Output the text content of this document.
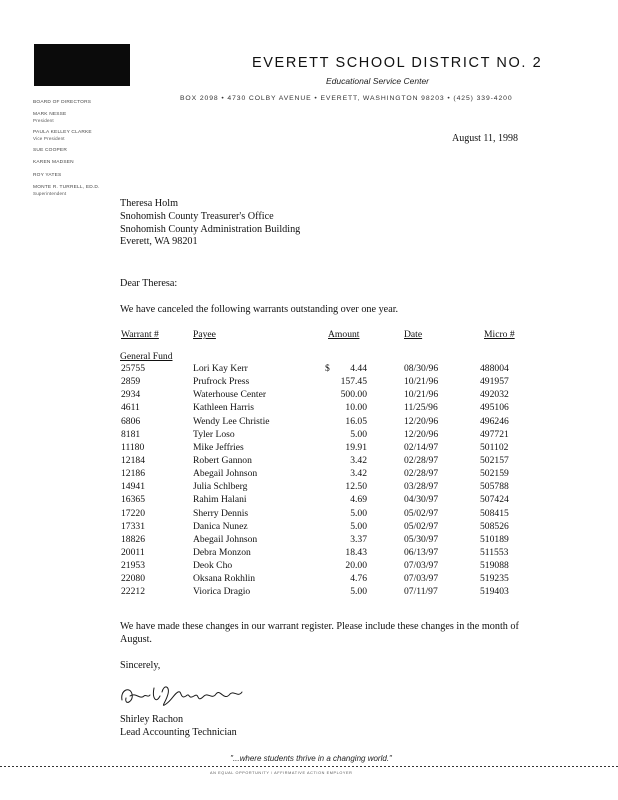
EVERETT SCHOOL DISTRICT NO. 2
Educational Service Center
BOX 2098 • 4730 COLBY AVENUE • EVERETT, WASHINGTON 98203 • (425) 339-4200
BOARD OF DIRECTORS
MARK NESSE
President
PAULA KELLEY CLARKE
Vice President
SUE COOPER
KAREN MADSEN
ROY YATES
MONTE R. TURRELL, ED.D.
Superintendent
August 11, 1998
Theresa Holm
Snohomish County Treasurer's Office
Snohomish County Administration Building
Everett, WA 98201
Dear Theresa:
We have canceled the following warrants outstanding over one year.
Warrant #	Payee	Amount	Date	Micro #
General Fund
$
25755	Lori Kay Kerr	4.44	08/30/96	488004
2859	Prufrock Press	157.45	10/21/96	491957
2934	Waterhouse Center	500.00	10/21/96	492032
4611	Kathleen Harris	10.00	11/25/96	495106
6806	Wendy Lee Christie	16.05	12/20/96	496246
8181	Tyler Loso	5.00	12/20/96	497721
11180	Mike Jeffries	19.91	02/14/97	501102
12184	Robert Gannon	3.42	02/28/97	502157
12186	Abegail Johnson	3.42	02/28/97	502159
14941	Julia Schlberg	12.50	03/28/97	505788
16365	Rahim Halani	4.69	04/30/97	507424
17220	Sherry Dennis	5.00	05/02/97	508415
17331	Danica Nunez	5.00	05/02/97	508526
18826	Abegail Johnson	3.37	05/30/97	510189
20011	Debra Monzon	18.43	06/13/97	511553
21953	Deok Cho	20.00	07/03/97	519088
22080	Oksana Rokhlin	4.76	07/03/97	519235
22212	Viorica Dragio	5.00	07/11/97	519403
We have made these changes in our warrant register. Please include these changes in the month of August.
Sincerely,
Shirley Rachon
Lead Accounting Technician
"...where students thrive in a changing world."
AN EQUAL OPPORTUNITY / AFFIRMATIVE ACTION EMPLOYER
